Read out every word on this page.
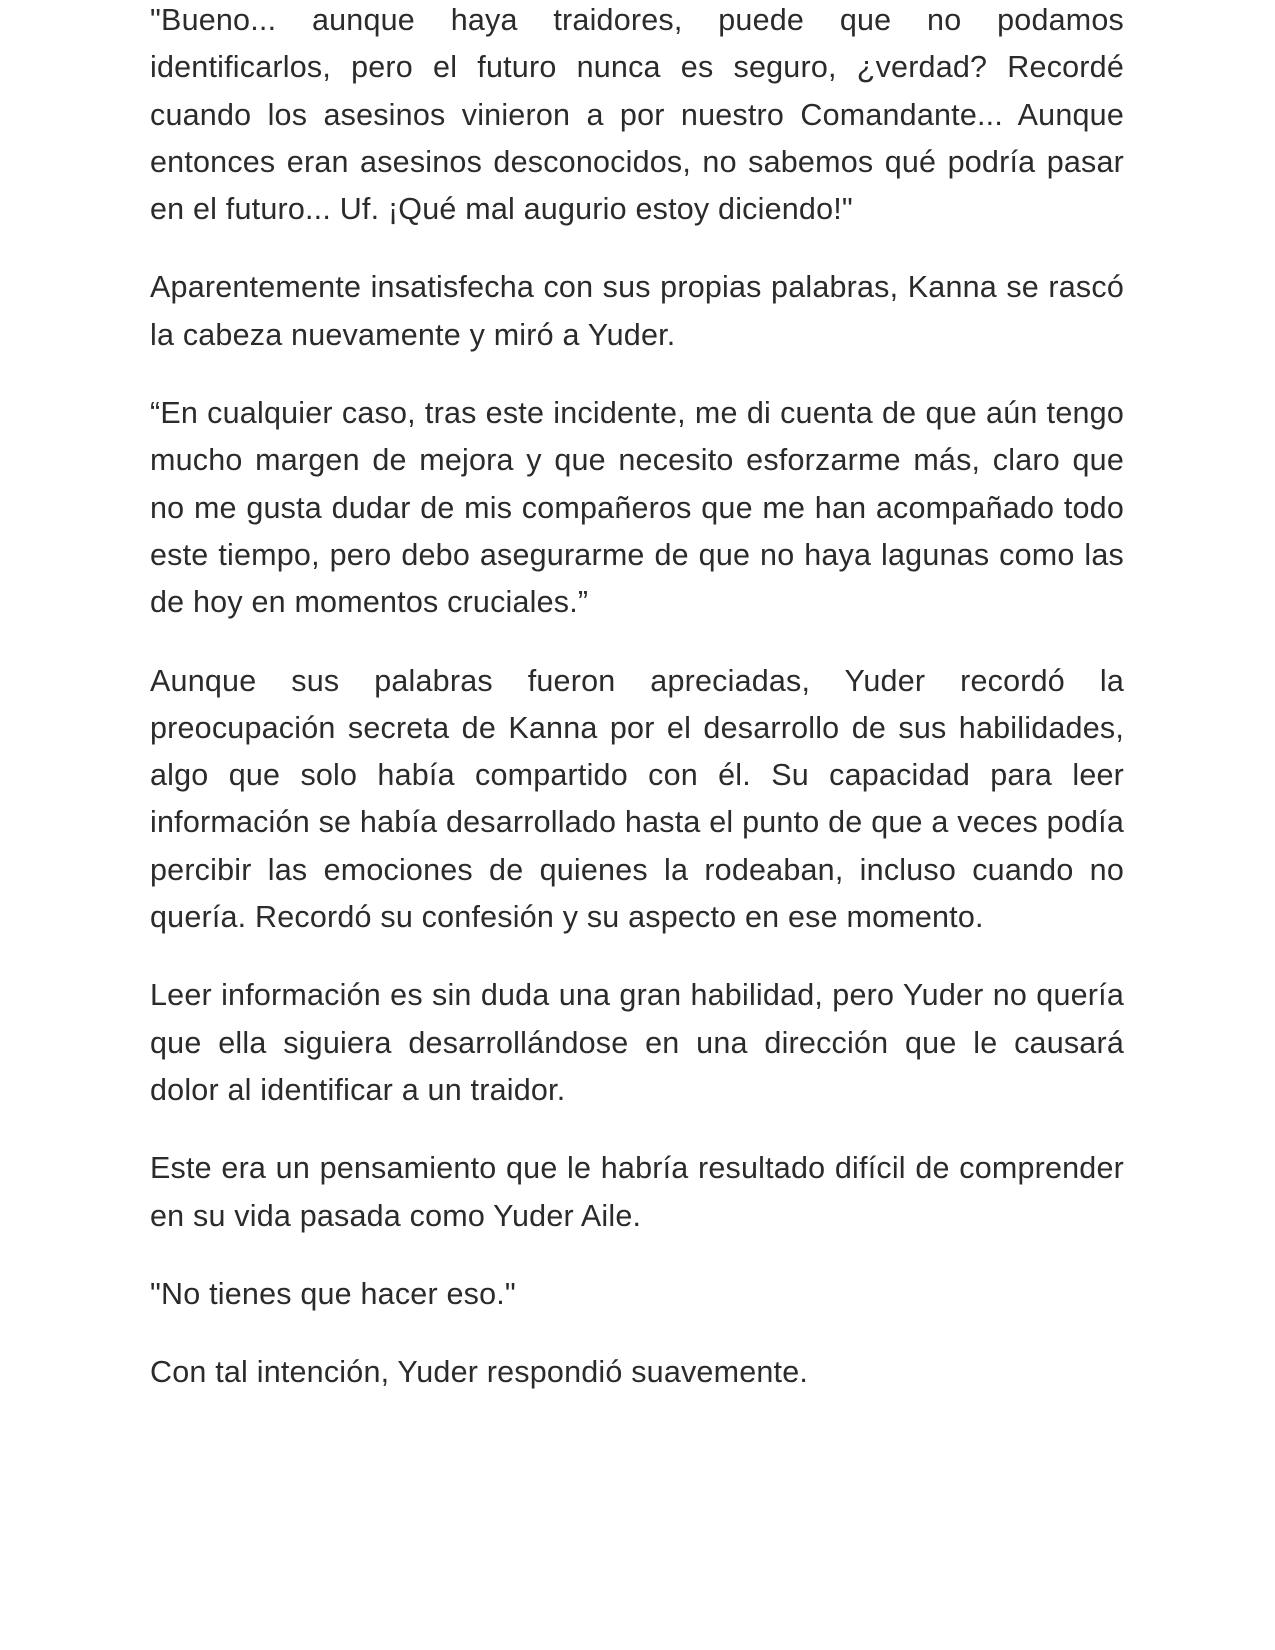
"Bueno... aunque haya traidores, puede que no podamos identificarlos, pero el futuro nunca es seguro, ¿verdad? Recordé cuando los asesinos vinieron a por nuestro Comandante... Aunque entonces eran asesinos desconocidos, no sabemos qué podría pasar en el futuro... Uf. ¡Qué mal augurio estoy diciendo!"

Aparentemente insatisfecha con sus propias palabras, Kanna se rascó la cabeza nuevamente y miró a Yuder.

“En cualquier caso, tras este incidente, me di cuenta de que aún tengo mucho margen de mejora y que necesito esforzarme más, claro que no me gusta dudar de mis compañeros que me han acompañado todo este tiempo, pero debo asegurarme de que no haya lagunas como las de hoy en momentos cruciales.”

Aunque sus palabras fueron apreciadas, Yuder recordó la preocupación secreta de Kanna por el desarrollo de sus habilidades, algo que solo había compartido con él. Su capacidad para leer información se había desarrollado hasta el punto de que a veces podía percibir las emociones de quienes la rodeaban, incluso cuando no quería. Recordó su confesión y su aspecto en ese momento.

Leer información es sin duda una gran habilidad, pero Yuder no quería que ella siguiera desarrollándose en una dirección que le causará dolor al identificar a un traidor.

Este era un pensamiento que le habría resultado difícil de comprender en su vida pasada como Yuder Aile.

"No tienes que hacer eso."

Con tal intención, Yuder respondió suavemente.
